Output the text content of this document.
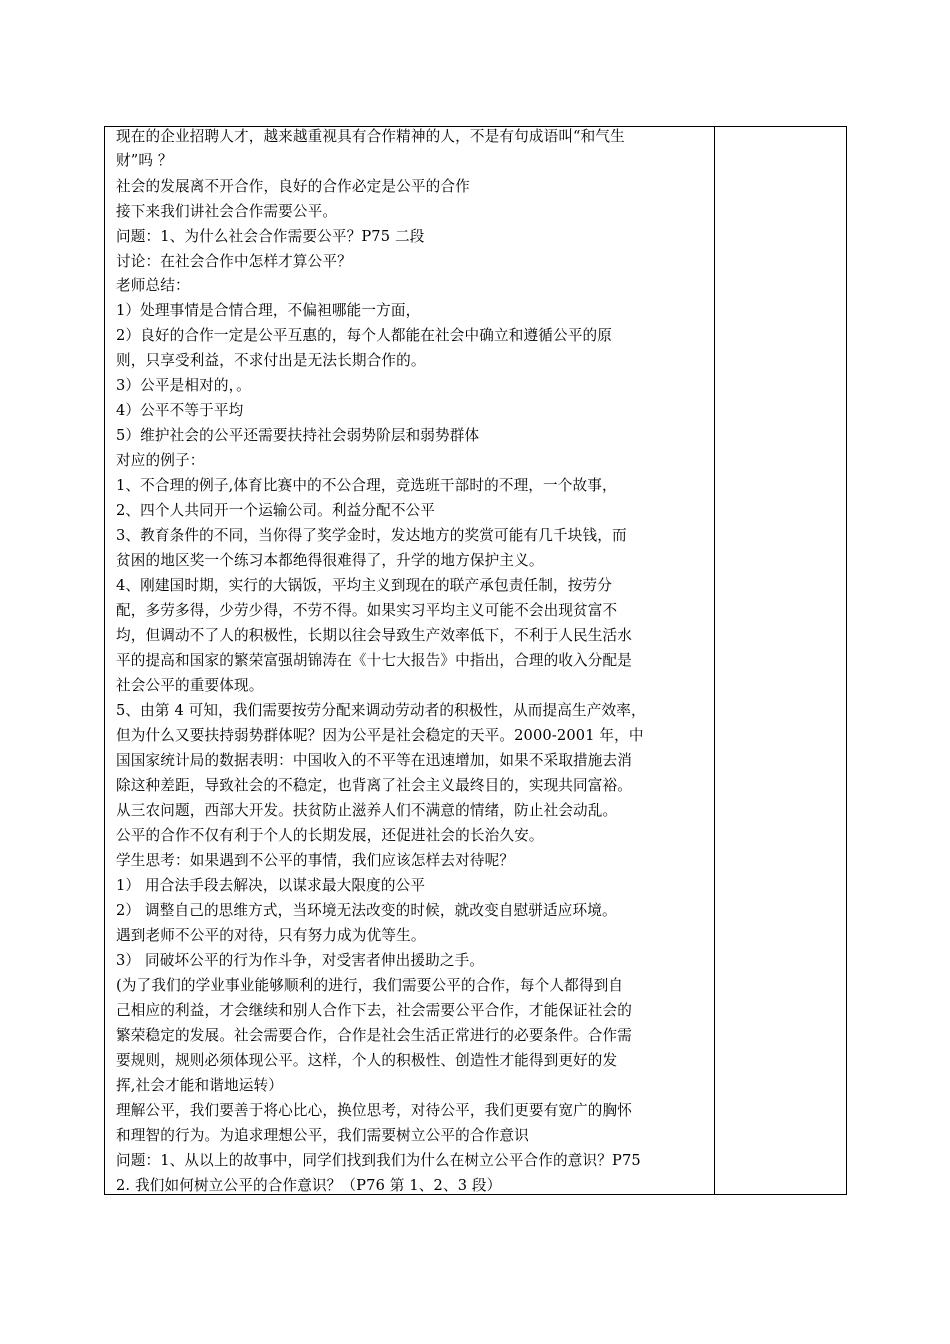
现在的企业招聘人才，越来越重视具有合作精神的人，不是有句成语叫“和气生
财”吗 ？
社会的发展离不开合作，良好的合作必定是公平的合作
接下来我们讲社会合作需要公平。
问题：1、为什么社会合作需要公平？P75 二段
讨论：在社会合作中怎样才算公平？
老师总结：
1）处理事情是合情合理，不偏袒哪能一方面，
2）良好的合作一定是公平互惠的，每个人都能在社会中确立和遵循公平的原
则，只享受利益，不求付出是无法长期合作的。
3）公平是相对的，。
4）公平不等于平均
5）维护社会的公平还需要扶持社会弱势阶层和弱势群体
对应的例子：
1、不合理的例子,体育比赛中的不公合理，竞选班干部时的不理，一个故事，
2、四个人共同开一个运输公司。利益分配不公平
3、教育条件的不同，当你得了奖学金时，发达地方的奖赏可能有几千块钱，而
贫困的地区奖一个练习本都绝得很难得了，升学的地方保护主义。
4、刚建国时期，实行的大锅饭，平均主义到现在的联产承包责任制，按劳分
配，多劳多得，少劳少得，不劳不得。如果实习平均主义可能不会出现贫富不
均，但调动不了人的积极性，长期以往会导致生产效率低下，不利于人民生活水
平的提高和国家的繁荣富强胡锦涛在《十七大报告》中指出，合理的收入分配是
社会公平的重要体现。
5、由第 4 可知，我们需要按劳分配来调动劳动者的积极性，从而提高生产效率，
但为什么又要扶持弱势群体呢？因为公平是社会稳定的天平。2000-2001 年，中
国国家统计局的数据表明：中国收入的不平等在迅速增加，如果不采取措施去消
除这种差距，导致社会的不稳定，也背离了社会主义最终目的，实现共同富裕。
从三农问题，西部大开发。扶贫防止滋养人们不满意的情绪，防止社会动乱。
公平的合作不仅有利于个人的长期发展，还促进社会的长治久安。
学生思考：如果遇到不公平的事情，我们应该怎样去对待呢？
1） 用合法手段去解决，以谋求最大限度的公平
2） 调整自己的思维方式，当环境无法改变的时候，就改变自慰骈适应环境。
遇到老师不公平的对待，只有努力成为优等生。
3） 同破坏公平的行为作斗争，对受害者伸出援助之手。
(为了我们的学业事业能够顺利的进行，我们需要公平的合作，每个人都得到自
己相应的利益，才会继续和别人合作下去，社会需要公平合作，才能保证社会的
繁荣稳定的发展。社会需要合作，合作是社会生活正常进行的必要条件。合作需
要规则，规则必须体现公平。这样，个人的积极性、创造性才能得到更好的发
挥,社会才能和谐地运转）
理解公平，我们要善于将心比心，换位思考，对待公平，我们更要有宽广的胸怀
和理智的行为。为追求理想公平，我们需要树立公平的合作意识
问题：1、从以上的故事中，同学们找到我们为什么在树立公平合作的意识？P75
2. 我们如何树立公平的合作意识？（P76 第 1、2、3 段）
